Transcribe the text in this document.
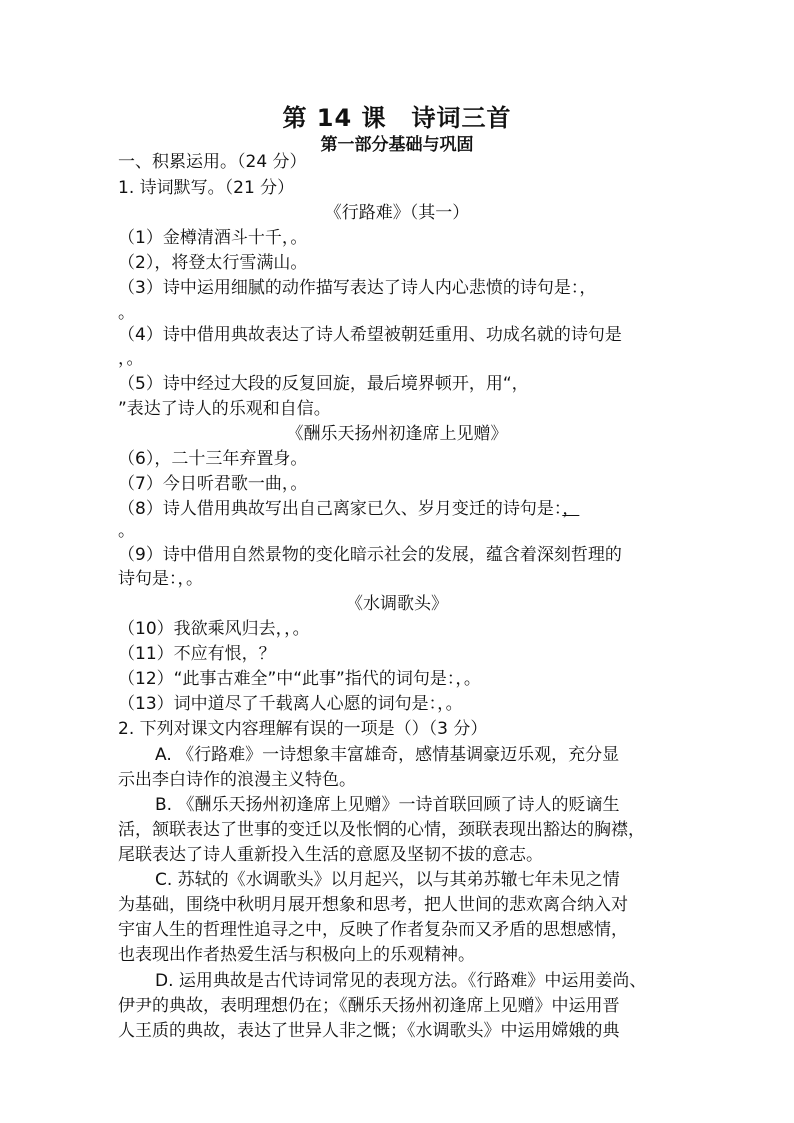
第 14 课　诗词三首
第一部分基础与巩固
一、积累运用。（24 分）
1. 诗词默写。（21 分）
《行路难》（其一）
（1）金樽清酒斗十千，。
（2），将登太行雪满山。
（3）诗中运用细腻的动作描写表达了诗人内心悲愤的诗句是：，
。
（4）诗中借用典故表达了诗人希望被朝廷重用、功成名就的诗句是
，。
（5）诗中经过大段的反复回旋，最后境界顿开，用“，
”表达了诗人的乐观和自信。
《酬乐天扬州初逢席上见赠》
（6），二十三年弃置身。
（7）今日听君歌一曲，。
（8）诗人借用典故写出自己离家已久、岁月变迁的诗句是：，
。
（9）诗中借用自然景物的变化暗示社会的发展，蕴含着深刻哲理的
诗句是：，。
《水调歌头》
（10）我欲乘风归去，，。
（11）不应有恨，？
（12）“此事古难全”中“此事”指代的词句是：，。
（13）词中道尽了千载离人心愿的词句是：，。
2. 下列对课文内容理解有误的一项是（）（3 分）
A. 《行路难》一诗想象丰富雄奇，感情基调豪迈乐观，充分显
示出李白诗作的浪漫主义特色。
B. 《酬乐天扬州初逢席上见赠》一诗首联回顾了诗人的贬谪生
活，颔联表达了世事的变迁以及怅惘的心情，颈联表现出豁达的胸襟，
尾联表达了诗人重新投入生活的意愿及坚韧不拔的意志。
C. 苏轼的《水调歌头》以月起兴，以与其弟苏辙七年未见之情
为基础，围绕中秋明月展开想象和思考，把人世间的悲欢离合纳入对
宇宙人生的哲理性追寻之中，反映了作者复杂而又矛盾的思想感情，
也表现出作者热爱生活与积极向上的乐观精神。
D. 运用典故是古代诗词常见的表现方法。《行路难》中运用姜尚、
伊尹的典故，表明理想仍在；《酬乐天扬州初逢席上见赠》中运用晋
人王质的典故，表达了世异人非之慨；《水调歌头》中运用嫦娥的典
